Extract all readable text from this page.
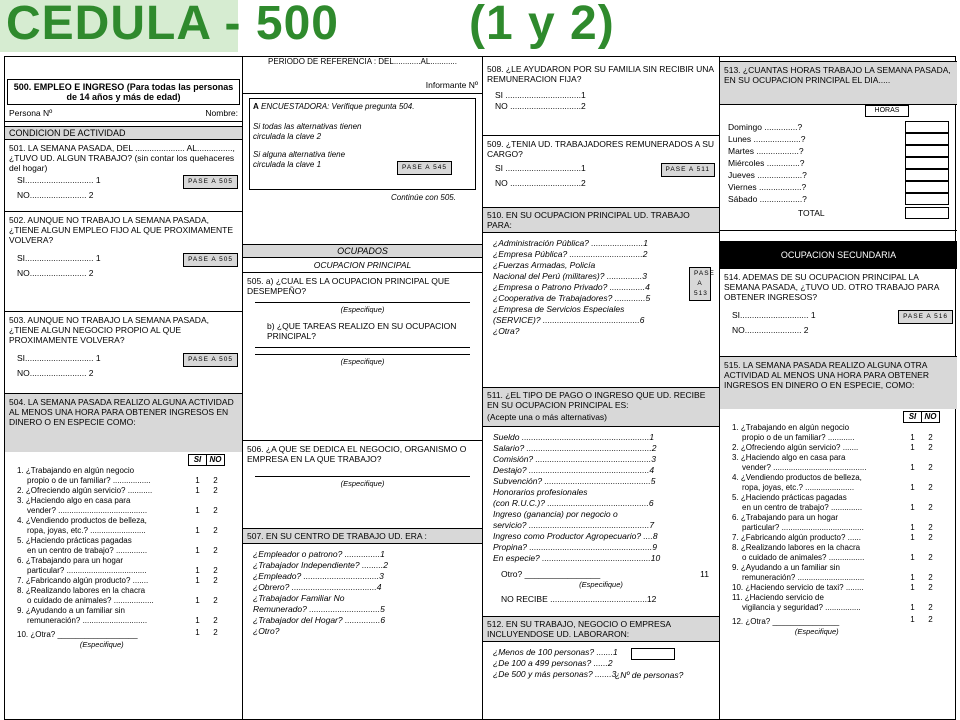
CEDULA - 500	(1 y 2)
500. EMPLEO E INGRESO (Para todas las personas de 14 años y más de edad)
Persona Nº	Nombre:
CONDICION DE ACTIVIDAD

501. LA SEMANA PASADA, DEL ..................... AL..............., ¿TUVO UD. ALGUN TRABAJO? (sin contar los quehaceres del hogar)

SI............................. 1	PASE A 505
NO........................ 2

502. AUNQUE NO TRABAJO LA SEMANA PASADA, ¿TIENE ALGUN EMPLEO FIJO AL QUE PROXIMAMENTE VOLVERA?

SI............................. 1	PASE A 505
NO........................ 2

503. AUNQUE NO TRABAJO LA SEMANA PASADA, ¿TIENE ALGUN NEGOCIO PROPIO AL QUE PROXIMAMENTE VOLVERA?

SI............................. 1	PASE A 505
NO........................ 2

504. LA SEMANA PASADA REALIZO ALGUNA ACTIVIDAD AL MENOS UNA HORA PARA OBTENER INGRESOS EN DINERO O EN ESPECIE COMO:

	SI	NO
1. ¿Trabajando en algún negocio		
propio o de un familiar? .................	1	2
2. ¿Ofreciendo algún servicio? ...........	1	2
3. ¿Haciendo algo en casa para		
vender? ........................................	1	2
4. ¿Vendiendo productos de belleza,		
ropa, joyas, etc.? .........................	1	2
5. ¿Haciendo prácticas pagadas		
en un centro de trabajo? ..............	1	2
6. ¿Trabajando para un hogar		
particular? ....................................	1	2
7. ¿Fabricando algún producto? .......	1	2
8. ¿Realizando labores en la chacra		
o cuidado de animales? ..................	1	2
9. ¿Ayudando a un familiar sin		
remuneración? .............................	1	2
10. ¿Otra? __________________	1	2
(Especifique)		
PERIODO DE REFERENCIA : DEL............AL............
Informante Nº

A ENCUESTADORA: Verifique pregunta 504.

Si todas las alternativas tienen circulada la clave 2

PASE A 545

Si alguna alternativa tiene circulada la clave 1

Continúe con 505.
OCUPADOS
OCUPACION PRINCIPAL

505. a) ¿CUAL ES LA OCUPACION PRINCIPAL QUE DESEMPEÑO?

(Especifique)

b) ¿QUE TAREAS REALIZO EN SU OCUPACION PRINCIPAL?

(Especifique)

506. ¿A QUE SE DEDICA EL NEGOCIO, ORGANISMO O EMPRESA EN LA QUE TRABAJO?

(Especifique)
507. EN SU CENTRO DE TRABAJO UD. ERA :
¿Empleador o patrono? ...............1
¿Trabajador Independiente? .........2
¿Empleado? ................................3
¿Obrero? ....................................4
¿Trabajador Familiar No
Remunerado? ..............................5
¿Trabajador del Hogar? ...............6
¿Otro?

508. ¿LE AYUDARON POR SU FAMILIA SIN RECIBIR UNA REMUNERACION FIJA?

SI ................................1
NO ..............................2

509. ¿TENIA UD. TRABAJADORES REMUNERADOS A SU CARGO?

SI ................................1	PASE A 511
NO ..............................2
510. EN SU OCUPACION PRINCIPAL UD. TRABAJO PARA:
¿Administración Pública? ......................1
¿Empresa Pública? ...............................2
¿Fuerzas Armadas, Policía
Nacional del Perú (militares)? ...............3
¿Empresa o Patrono Privado? ...............4
¿Cooperativa de Trabajadores? .............5
¿Empresa de Servicios Especiales
(SERVICE)? .........................................6
¿Otra?
PASE A 513

511. ¿EL TIPO DE PAGO O INGRESO QUE UD. RECIBE EN SU OCUPACION PRINCIPAL ES:

(Acepte una o más alternativas)

Sueldo ......................................................1
Salario? .....................................................2
Comisión? .................................................3
Destajo? ...................................................4
Subvención? .............................................5
Honorarios profesionales
(con R.U.C.)? ...........................................6
Ingreso (ganancia) por negocio o
servicio? ...................................................7
Ingreso como Productor Agropecuario? ....8
Propina? ....................................................9
En especie? ..............................................10
Otro? ________________	11
(Especifique)
NO RECIBE .........................................12
512. EN SU TRABAJO, NEGOCIO O EMPRESA INCLUYENDOSE UD. LABORARON:
¿Menos de 100 personas? .......1
¿De 100 a 499 personas? ......2
¿De 500 y más personas? .......3
¿Nº de personas?
513. ¿CUANTAS HORAS TRABAJO LA SEMANA PASADA, EN SU OCUPACION PRINCIPAL EL DIA.....
HORAS
Domingo ..............?
Lunes ....................?
Martes ..................?
Miércoles ..............?
Jueves ...................?
Viernes ..................?
Sábado ..................?
TOTAL
OCUPACION SECUNDARIA

514. ADEMAS DE SU OCUPACION PRINCIPAL LA SEMANA PASADA, ¿TUVO UD. OTRO TRABAJO PARA OBTENER INGRESOS?

SI............................. 1	PASE A 516
NO........................ 2
515. LA SEMANA PASADA REALIZO ALGUNA OTRA ACTIVIDAD AL MENOS UNA HORA PARA OBTENER INGRESOS EN DINERO O EN ESPECIE, COMO:
	SI	NO
1. ¿Trabajando en algún negocio		
propio o de un familiar? ............	1	2
2. ¿Ofreciendo algún servicio? .......	1	2
3. ¿Haciendo algo en casa para		
vender? ..........................................	1	2
4. ¿Vendiendo productos de belleza,		
ropa, joyas, etc.? ......................	1	2
5. ¿Haciendo prácticas pagadas		
en un centro de trabajo? ..............	1	2
6. ¿Trabajando para un hogar		
particular? .....................................	1	2
7. ¿Fabricando algún producto? ......	1	2
8. ¿Realizando labores en la chacra		
o cuidado de animales? ................	1	2
9. ¿Ayudando a un familiar sin		
remuneración? ..............................	1	2
10. ¿Haciendo servicio de taxi? ........	1	2
11. ¿Haciendo servicio de		
vigilancia y seguridad? ................	1	2
12. ¿Otra? _______________	1	2
(Especifique)		
